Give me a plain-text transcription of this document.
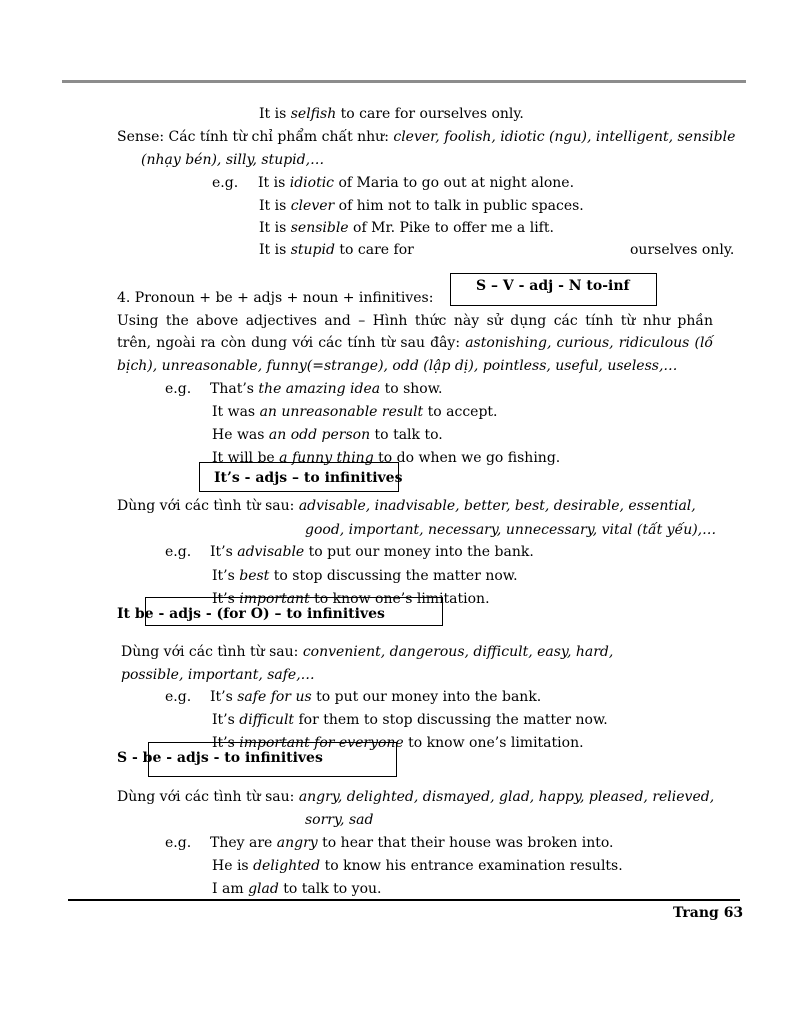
It is selfish to care for ourselves only.
Sense: Các tính từ chỉ phẩm chất như: clever, foolish, idiotic (ngu), intelligent, sensible
(nhạy bén), silly, stupid,…
e.g. It is idiotic of Maria to go out at night alone.
It is clever of him not to talk in public spaces.
It is sensible of Mr. Pike to offer me a lift.
It is stupid to care for	ourselves only.
S – V - adj - N to-inf
4. Pronoun + be + adjs + noun + infinitives:
Using the above adjectives and – Hình thức này sử dụng các tính từ như phần
trên, ngoài ra còn dung với các tính từ sau đây: astonishing, curious, ridiculous (lố
bịch), unreasonable, funny(=strange), odd (lập dị), pointless, useful, useless,…
e.g. That’s the amazing idea to show.
It was an unreasonable result to accept.
He was an odd person to talk to.
It will be a funny thing to do when we go fishing.
It’s - adjs – to infinitives
Dùng với các tình từ sau: advisable, inadvisable, better, best, desirable, essential,
good, important, necessary, unnecessary, vital (tất yếu),…
e.g. It’s advisable to put our money into the bank.
It’s best to stop discussing the matter now.
It’s important to know one’s limitation.
It be - adjs - (for O) – to infinitives
Dùng với các tình từ sau: convenient, dangerous, difficult, easy, hard,
possible, important, safe,…
e.g. It’s safe for us to put our money into the bank.
It’s difficult for them to stop discussing the matter now.
It’s important for everyone to know one’s limitation.
S - be - adjs - to infinitives
Dùng với các tình từ sau: angry, delighted, dismayed, glad, happy, pleased, relieved,
sorry, sad
e.g. They are angry to hear that their house was broken into.
He is delighted to know his entrance examination results.
I am glad to talk to you.
Trang 63
